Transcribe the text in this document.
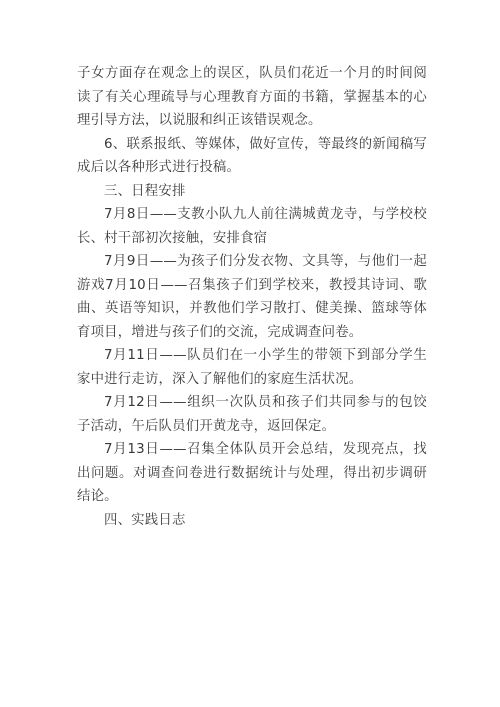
子女方面存在观念上的误区，队员们花近一个月的时间阅读了有关心理疏导与心理教育方面的书籍，掌握基本的心理引导方法，以说服和纠正该错误观念。

6、联系报纸、等媒体，做好宣传，等最终的新闻稿写成后以各种形式进行投稿。

三、日程安排

7月8日——支教小队九人前往满城黄龙寺，与学校校长、村干部初次接触，安排食宿

7月9日——为孩子们分发衣物、文具等，与他们一起游戏7月10日——召集孩子们到学校来，教授其诗词、歌曲、英语等知识，并教他们学习散打、健美操、篮球等体育项目，增进与孩子们的交流，完成调查问卷。

7月11日——队员们在一小学生的带领下到部分学生家中进行走访，深入了解他们的家庭生活状况。

7月12日——组织一次队员和孩子们共同参与的包饺子活动，午后队员们开黄龙寺，返回保定。

7月13日——召集全体队员开会总结，发现亮点，找出问题。对调查问卷进行数据统计与处理，得出初步调研结论。

四、实践日志
